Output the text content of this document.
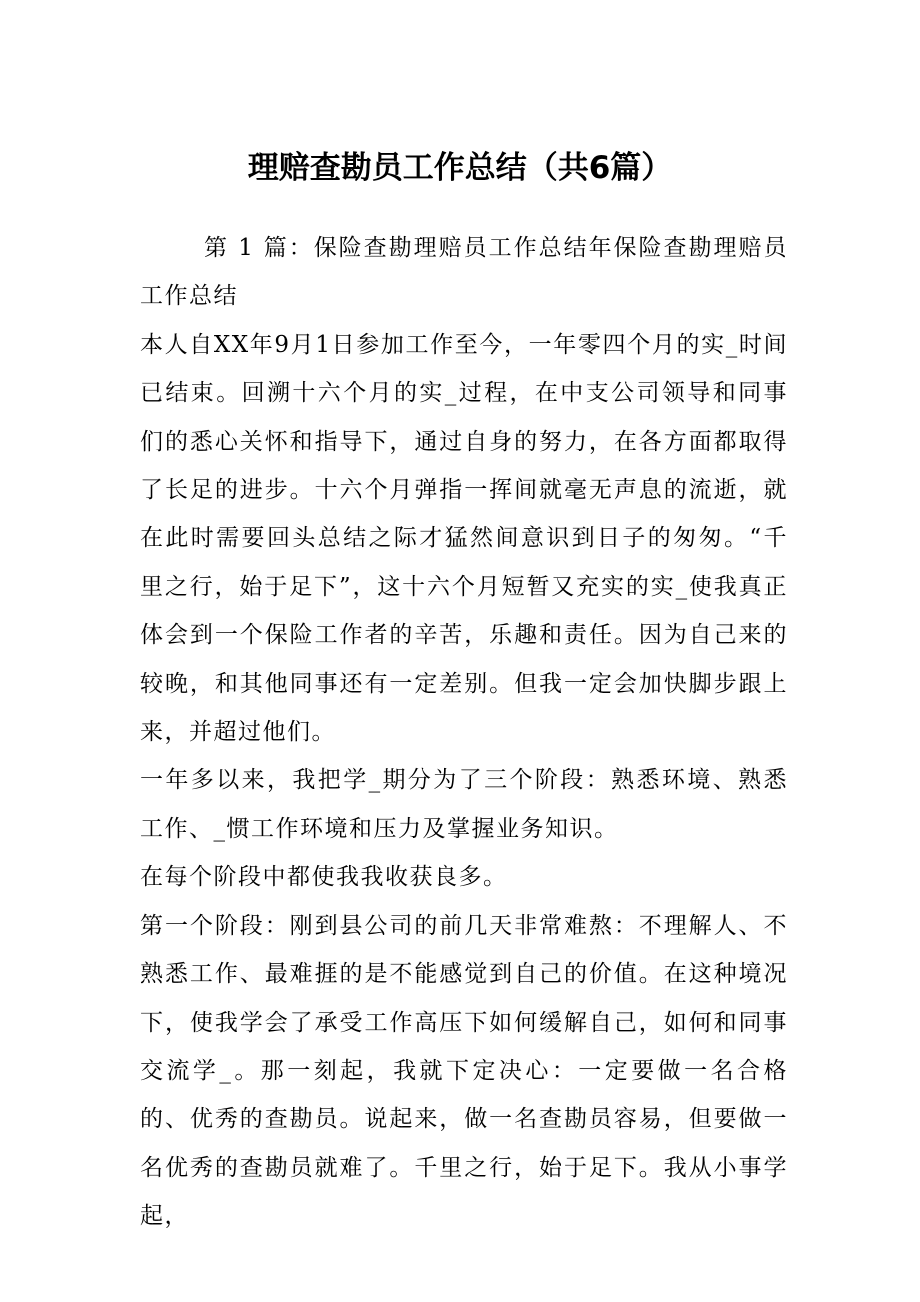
理赔查勘员工作总结（共6篇）

第 1 篇：保险查勘理赔员工作总结年保险查勘理赔员工作总结

本人自XX年9月1日参加工作至今，一年零四个月的实_时间已结束。回溯十六个月的实_过程，在中支公司领导和同事们的悉心关怀和指导下，通过自身的努力，在各方面都取得了长足的进步。十六个月弹指一挥间就毫无声息的流逝，就在此时需要回头总结之际才猛然间意识到日子的匆匆。“千里之行，始于足下”，这十六个月短暂又充实的实_使我真正体会到一个保险工作者的辛苦，乐趣和责任。因为自己来的较晚，和其他同事还有一定差别。但我一定会加快脚步跟上来，并超过他们。

一年多以来，我把学_期分为了三个阶段：熟悉环境、熟悉工作、_惯工作环境和压力及掌握业务知识。

在每个阶段中都使我我收获良多。

第一个阶段：刚到县公司的前几天非常难熬：不理解人、不熟悉工作、最难捱的是不能感觉到自己的价值。在这种境况下，使我学会了承受工作高压下如何缓解自己，如何和同事交流学_。那一刻起，我就下定决心：一定要做一名合格的、优秀的查勘员。说起来，做一名查勘员容易，但要做一名优秀的查勘员就难了。千里之行，始于足下。我从小事学起，
